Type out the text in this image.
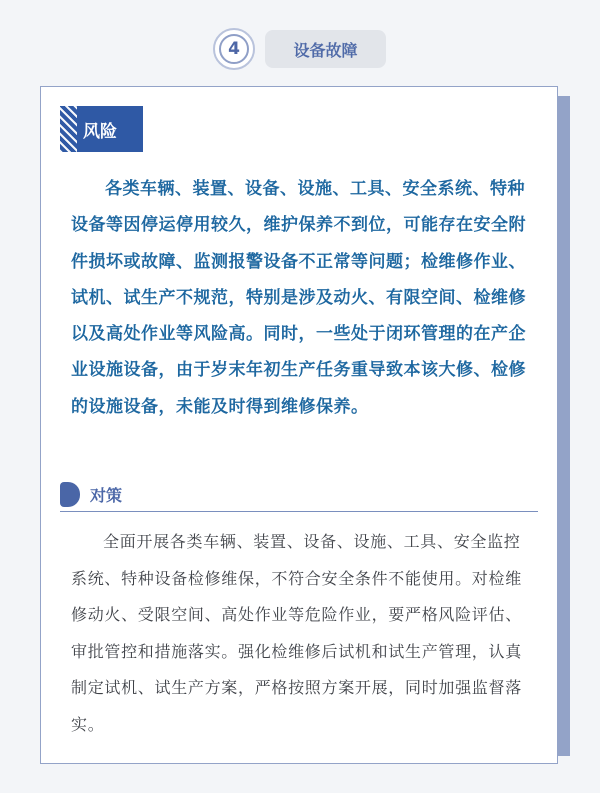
4	设备故障
风险

各类车辆、装置、设备、设施、工具、安全系统、特种设备等因停运停用较久，维护保养不到位，可能存在安全附件损坏或故障、监测报警设备不正常等问题；检维修作业、试机、试生产不规范，特别是涉及动火、有限空间、检维修以及高处作业等风险高。同时，一些处于闭环管理的在产企业设施设备，由于岁末年初生产任务重导致本该大修、检修的设施设备，未能及时得到维修保养。

对策

全面开展各类车辆、装置、设备、设施、工具、安全监控系统、特种设备检修维保，不符合安全条件不能使用。对检维修动火、受限空间、高处作业等危险作业，要严格风险评估、审批管控和措施落实。强化检维修后试机和试生产管理，认真制定试机、试生产方案，严格按照方案开展，同时加强监督落实。
